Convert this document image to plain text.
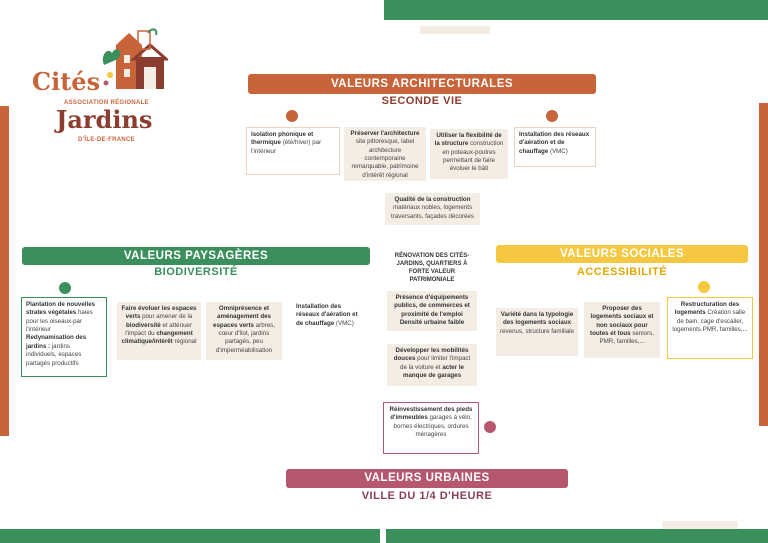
Cités
ASSOCIATION RÉGIONALE
Jardins
D'ÎLE-DE-FRANCE
VALEURS ARCHITECTURALES
SECONDE VIE
Isolation phonique et thermique (été/hiver) par l'intérieur
Préserver l'architecture site pittoresque, label architecture contemporaine remarquable, patrimoine d'intérêt régional
Utiliser la flexibilité de la structure construction en poteaux-poutres permettant de faire évoluer le bâti
Installation des réseaux d'aération et de chauffage (VMC)
Qualité de la construction matériaux nobles, logements traversants, façades décorées
RÉNOVATION DES CITÉS-JARDINS, QUARTIERS À FORTE VALEUR PATRIMONIALE
VALEURS PAYSAGÈRES
BIODIVERSITÉ
Plantation de nouvelles strates végétales haies pour les oiseaux-par l'intérieur
Redynamisation des jardins : jardins individuels, espaces partagés productifs
Faire évoluer les espaces verts pour amener de la biodiversité et atténuer l'impact du changement climatique/intérêt régional
Omniprésence et aménagement des espaces verts arbres, cœur d'îlot, jardins partagés, peu d'imperméabilisation
Installation des réseaux d'aération et de chauffage (VMC)
VALEURS SOCIALES
ACCESSIBILITÉ
Variété dans la typologie des logements sociaux revenus, structure familiale
Proposer des logements sociaux et non sociaux pour toutes et tous seniors, PMR, familles,...
Restructuration des logements Création salle de bain, cage d'escalier, logements PMR, familles,...
Présence d'équipements publics, de commerces et proximité de l'emploi
Densité urbaine faible
Développer les mobilités douces pour limiter l'impact de la voiture et acter le manque de garages
Réinvestissement des pieds d'immeubles garages à vélo, bornes électriques, ordures ménagères
VALEURS URBAINES
VILLE DU 1/4 D'HEURE
